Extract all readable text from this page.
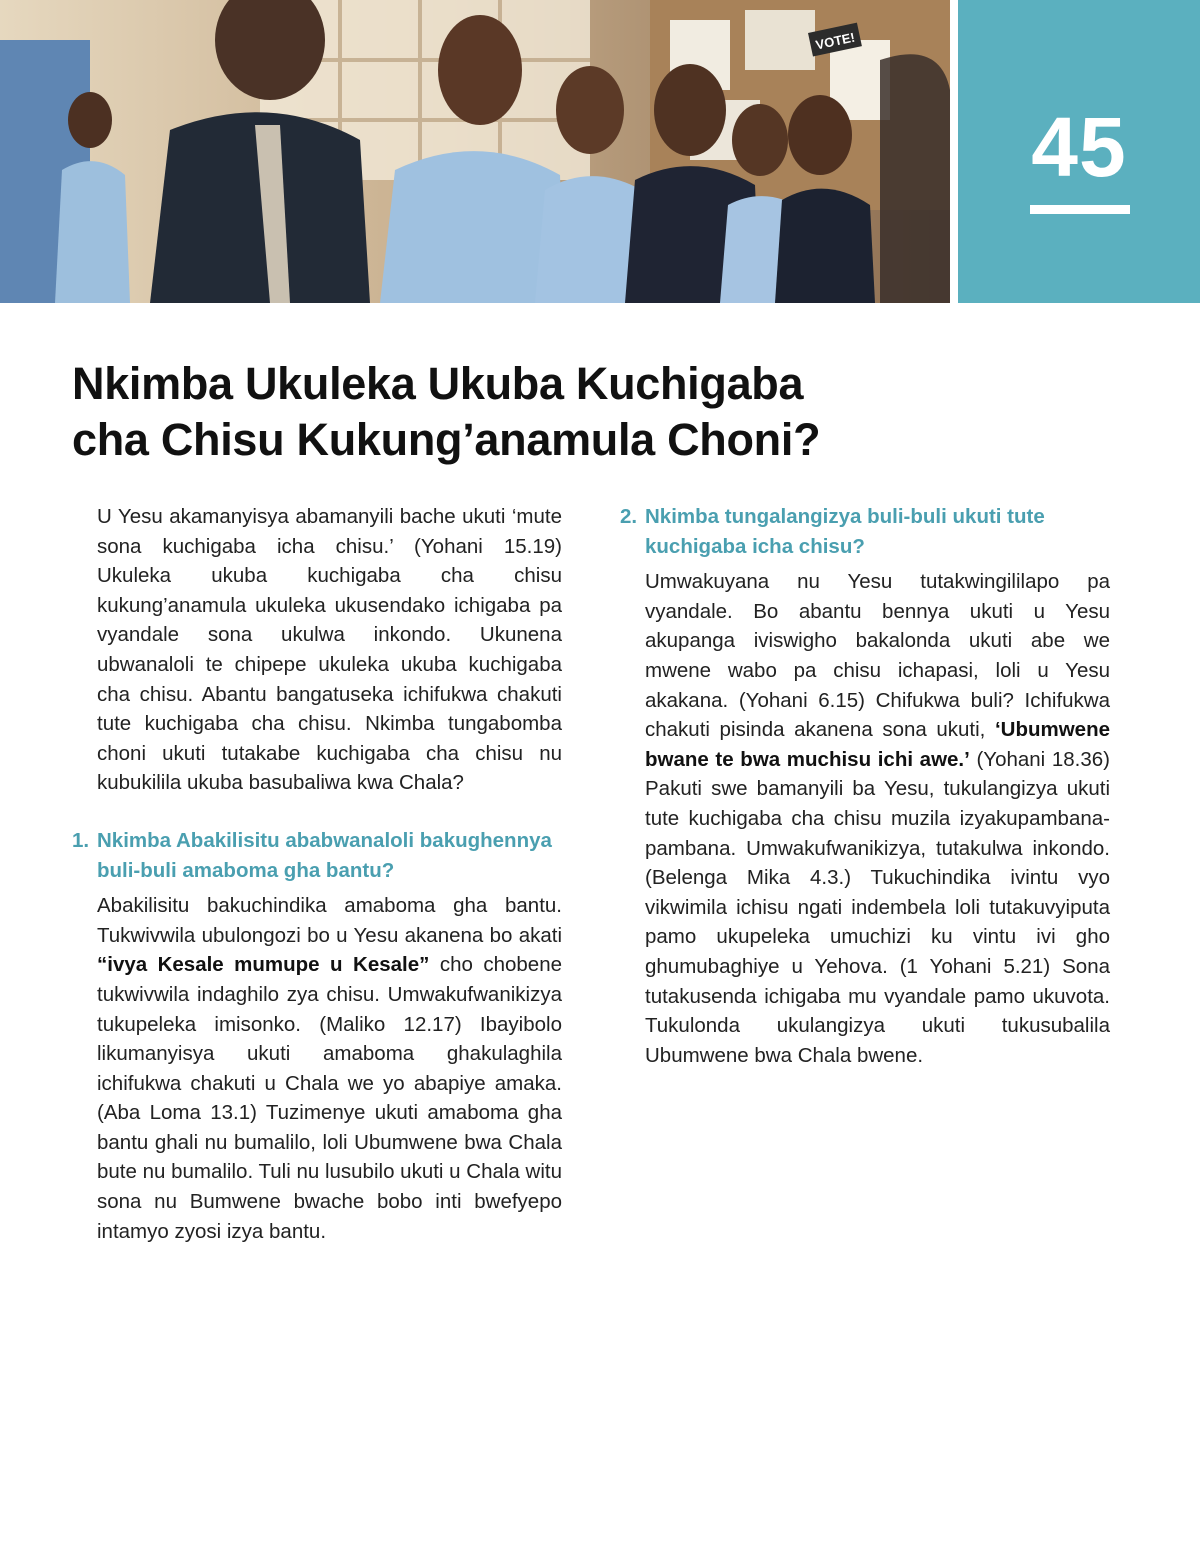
VOTE!
45
Nkimba Ukuleka Ukuba Kuchigaba
cha Chisu Kukung’anamula Choni?

U Yesu akamanyisya abamanyili bache ukuti ‘mute sona kuchigaba icha chisu.’ (Yohani 15.19) Ukuleka ukuba kuchigaba cha chisu kukung’anamula ukuleka ukusendako ichigaba pa vyandale sona ukulwa inkondo. Ukunena ubwanaloli te chipepe ukuleka ukuba kuchigaba cha chisu. Abantu bangatuseka ichifukwa chakuti tute kuchigaba cha chisu. Nkimba tungabomba choni ukuti tutakabe kuchigaba cha chisu nu kubukilila ukuba basubaliwa kwa Chala?

1. Nkimba Abakilisitu ababwanaloli bakughennya buli-buli amaboma gha bantu?

Abakilisitu bakuchindika amaboma gha bantu. Tukwivwila ubulongozi bo u Yesu akanena bo akati “ivya Kesale mumupe u Kesale” cho chobene tukwivwila indaghilo zya chisu. Umwakufwanikizya tukupeleka imisonko. (Maliko 12.17) Ibayibolo likumanyisya ukuti amaboma ghakulaghila ichifukwa chakuti u Chala we yo abapiye amaka. (Aba Loma 13.1) Tuzimenye ukuti amaboma gha bantu ghali nu bumalilo, loli Ubumwene bwa Chala bute nu bumalilo. Tuli nu lusubilo ukuti u Chala witu sona nu Bumwene bwache bobo inti bwefyepo intamyo zyosi izya bantu.

2. Nkimba tungalangizya buli-buli ukuti tute kuchigaba icha chisu?

Umwakuyana nu Yesu tutakwingililapo pa vyandale. Bo abantu bennya ukuti u Yesu akupanga iviswigho bakalonda ukuti abe we mwene wabo pa chisu ichapasi, loli u Yesu akakana. (Yohani 6.15) Chifukwa buli? Ichifukwa chakuti pisinda akanena sona ukuti, ‘Ubumwene bwane te bwa muchisu ichi awe.’ (Yohani 18.36) Pakuti swe bamanyili ba Yesu, tukulangizya ukuti tute kuchigaba cha chisu muzila izyakupambana-pambana. Umwakufwanikizya, tutakulwa inkondo. (Belenga Mika 4.3.) Tukuchindika ivintu vyo vikwimila ichisu ngati indembela loli tutakuvyiputa pamo ukupeleka umuchizi ku vintu ivi gho ghumubaghiye u Yehova. (1 Yohani 5.21) Sona tutakusenda ichigaba mu vyandale pamo ukuvota. Tukulonda ukulangizya ukuti tukusubalila Ubumwene bwa Chala bwene.
